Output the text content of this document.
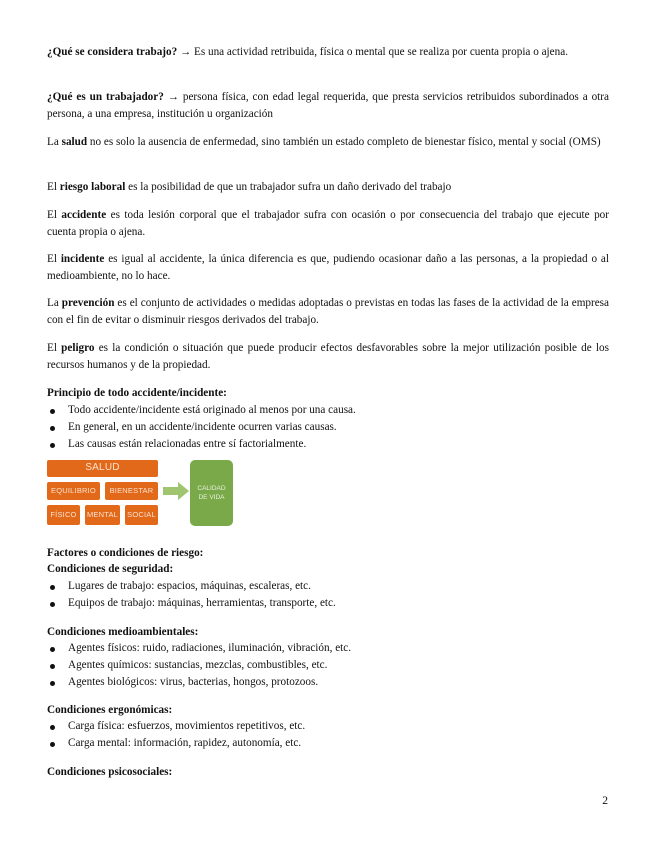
¿Qué se considera trabajo? → Es una actividad retribuida, física o mental que se realiza por cuenta propia o ajena.

¿Qué es un trabajador? → persona física, con edad legal requerida, que presta servicios retribuidos subordinados a otra persona, a una empresa, institución u organización

La salud no es solo la ausencia de enfermedad, sino también un estado completo de bienestar físico, mental y social (OMS)

El riesgo laboral es la posibilidad de que un trabajador sufra un daño derivado del trabajo

El accidente es toda lesión corporal que el trabajador sufra con ocasión o por consecuencia del trabajo que ejecute por cuenta propia o ajena.

El incidente es igual al accidente, la única diferencia es que, pudiendo ocasionar daño a las personas, a la propiedad o al medioambiente, no lo hace.

La prevención es el conjunto de actividades o medidas adoptadas o previstas en todas las fases de la actividad de la empresa con el fin de evitar o disminuir riesgos derivados del trabajo.

El peligro es la condición o situación que puede producir efectos desfavorables sobre la mejor utilización posible de los recursos humanos y de la propiedad.

Principio de todo accidente/incidente:

Todo accidente/incidente está originado al menos por una causa.
En general, en un accidente/incidente ocurren varias causas.
Las causas están relacionadas entre sí factorialmente.
SALUD
EQUILIBRIO	BIENESTAR
FÍSICO	MENTAL SOCIAL
CALIDAD DE VIDA

Factores o condiciones de riesgo:

Condiciones de seguridad:

Lugares de trabajo: espacios, máquinas, escaleras, etc.
Equipos de trabajo: máquinas, herramientas, transporte, etc.

Condiciones medioambientales:

Agentes físicos: ruido, radiaciones, iluminación, vibración, etc.
Agentes químicos: sustancias, mezclas, combustibles, etc.
Agentes biológicos: virus, bacterias, hongos, protozoos.

Condiciones ergonómicas:

Carga física: esfuerzos, movimientos repetitivos, etc.
Carga mental: información, rapidez, autonomía, etc.

Condiciones psicosociales:

2
